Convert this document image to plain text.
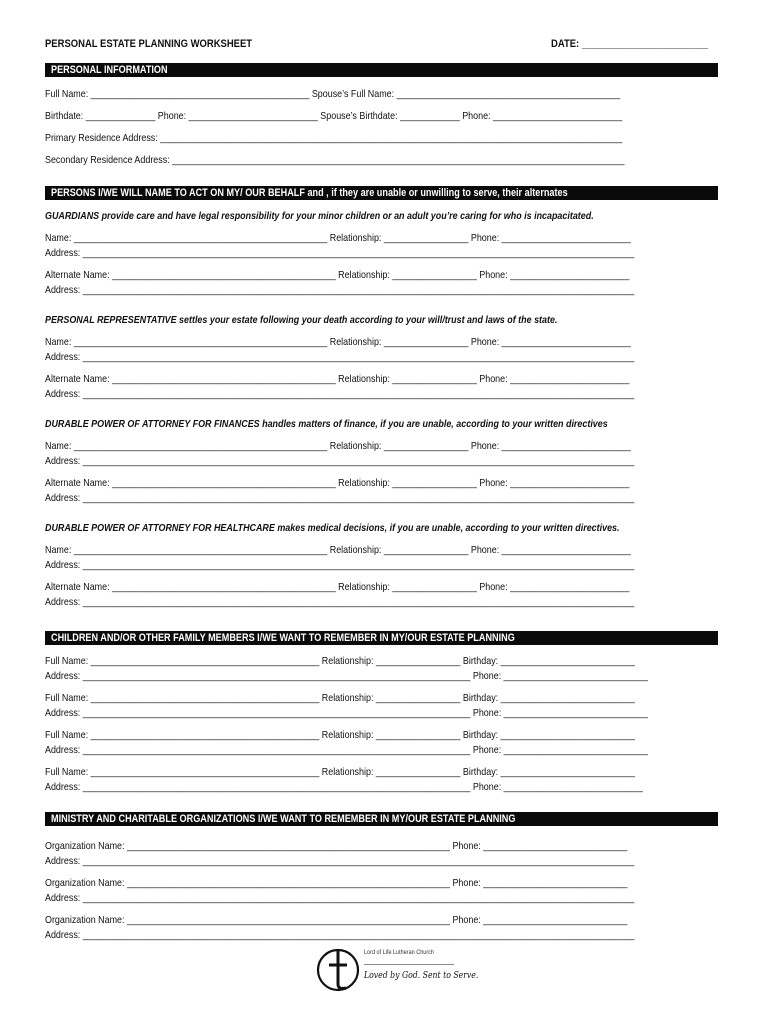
PERSONAL ESTATE PLANNING WORKSHEET	DATE: ________________________
PERSONAL INFORMATION
Full Name: ____________________________________________ Spouse’s Full Name: _____________________________________________
Birthdate: ______________ Phone: __________________________ Spouse’s Birthdate: ____________ Phone: __________________________
Primary Residence Address: _____________________________________________________________________________________________
Secondary Residence Address: ___________________________________________________________________________________________
PERSONS I/WE WILL NAME TO ACT ON MY/ OUR BEHALF and , if they are unable or unwilling to serve, their alternates
GUARDIANS provide care and have legal responsibility for your minor children or an adult you’re caring for who is incapacitated.
Name: ___________________________________________________ Relationship: _________________ Phone: __________________________
Address: _______________________________________________________________________________________________________________
Alternate Name: _____________________________________________ Relationship: _________________ Phone: ________________________
Address: _______________________________________________________________________________________________________________
PERSONAL REPRESENTATIVE settles your estate following your death according to your will/trust and laws of the state.
Name: ___________________________________________________ Relationship: _________________ Phone: __________________________
Address: _______________________________________________________________________________________________________________
Alternate Name: _____________________________________________ Relationship: _________________ Phone: ________________________
Address: _______________________________________________________________________________________________________________
DURABLE POWER OF ATTORNEY FOR FINANCES handles matters of finance, if you are unable, according to your written directives
Name: ___________________________________________________ Relationship: _________________ Phone: __________________________
Address: _______________________________________________________________________________________________________________
Alternate Name: _____________________________________________ Relationship: _________________ Phone: ________________________
Address: _______________________________________________________________________________________________________________
DURABLE POWER OF ATTORNEY FOR HEALTHCARE makes medical decisions, if you are unable, according to your written directives.
Name: ___________________________________________________ Relationship: _________________ Phone: __________________________
Address: _______________________________________________________________________________________________________________
Alternate Name: _____________________________________________ Relationship: _________________ Phone: ________________________
Address: _______________________________________________________________________________________________________________
CHILDREN AND/OR OTHER FAMILY MEMBERS I/WE WANT TO REMEMBER IN MY/OUR ESTATE PLANNING
Full Name: ______________________________________________ Relationship: _________________ Birthday: ___________________________
Address: ______________________________________________________________________________ Phone: _____________________________
Full Name: ______________________________________________ Relationship: _________________ Birthday: ___________________________
Address: ______________________________________________________________________________ Phone: _____________________________
Full Name: ______________________________________________ Relationship: _________________ Birthday: ___________________________
Address: ______________________________________________________________________________ Phone: _____________________________
Full Name: ______________________________________________ Relationship: _________________ Birthday: ___________________________
Address: ______________________________________________________________________________ Phone: ____________________________
MINISTRY AND CHARITABLE ORGANIZATIONS I/WE WANT TO REMEMBER IN MY/OUR ESTATE PLANNING
Organization Name: _________________________________________________________________ Phone: _____________________________
Address: _______________________________________________________________________________________________________________
Organization Name: _________________________________________________________________ Phone: _____________________________
Address: _______________________________________________________________________________________________________________
Organization Name: _________________________________________________________________ Phone: _____________________________
Address: _______________________________________________________________________________________________________________
Lord of Life Lutheran Church
Loved by God. Sent to Serve.
